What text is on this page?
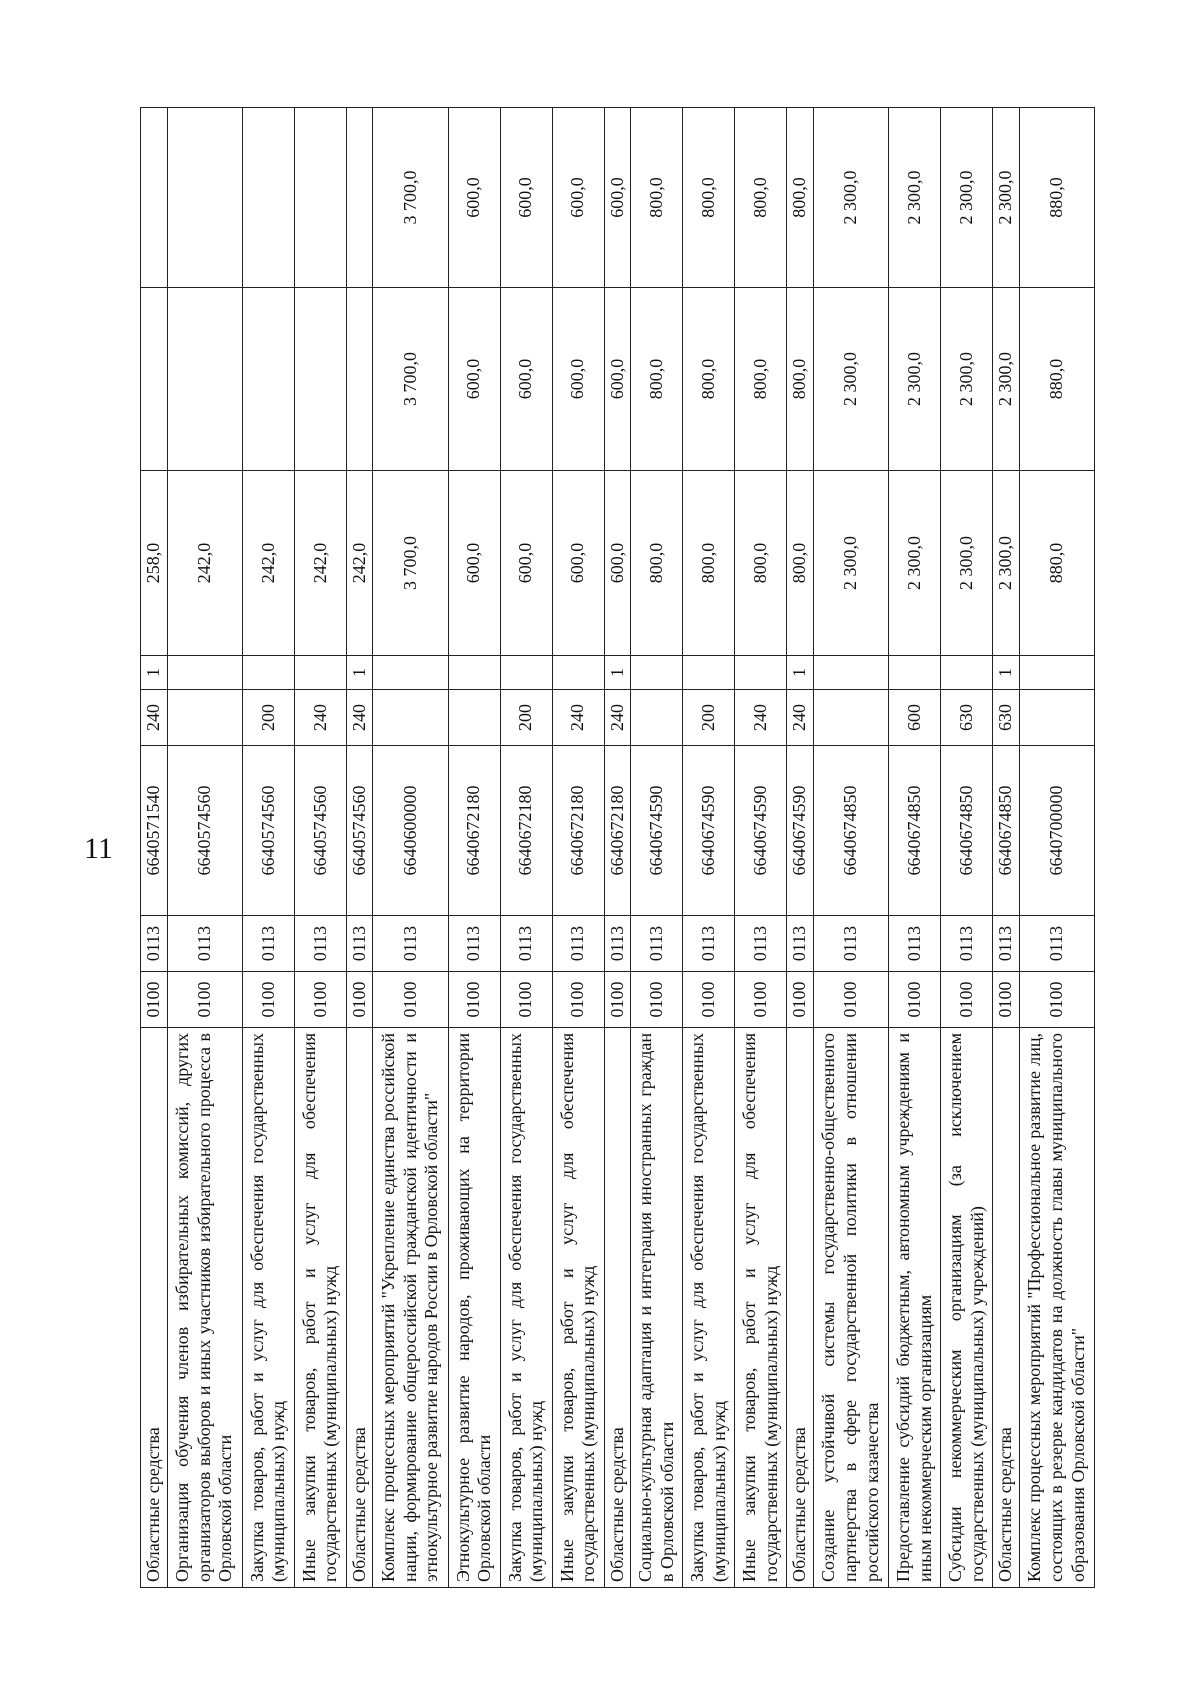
11
Областные средства	0100	0113	6640571540	240	1	258,0		
Организация обучения членов избирательных комиссий, других организаторов выборов и иных участников избирательного процесса в Орловской области	0100	0113	6640574560			242,0		
Закупка товаров, работ и услуг для обеспечения государственных (муниципальных) нужд	0100	0113	6640574560	200		242,0		
Иные закупки товаров, работ и услуг для обеспечения государственных (муниципальных) нужд	0100	0113	6640574560	240		242,0		
Областные средства	0100	0113	6640574560	240	1	242,0		
Комплекс процессных мероприятий "Укрепление единства российской нации, формирование общероссийской гражданской идентичности и этнокультурное развитие народов России в Орловской области"	0100	0113	6640600000			3 700,0	3 700,0	3 700,0
Этнокультурное развитие народов, проживающих на территории Орловской области	0100	0113	6640672180			600,0	600,0	600,0
Закупка товаров, работ и услуг для обеспечения государственных (муниципальных) нужд	0100	0113	6640672180	200		600,0	600,0	600,0
Иные закупки товаров, работ и услуг для обеспечения государственных (муниципальных) нужд	0100	0113	6640672180	240		600,0	600,0	600,0
Областные средства	0100	0113	6640672180	240	1	600,0	600,0	600,0
Социально-культурная адаптация и интеграция иностранных граждан в Орловской области	0100	0113	6640674590			800,0	800,0	800,0
Закупка товаров, работ и услуг для обеспечения государственных (муниципальных) нужд	0100	0113	6640674590	200		800,0	800,0	800,0
Иные закупки товаров, работ и услуг для обеспечения государственных (муниципальных) нужд	0100	0113	6640674590	240		800,0	800,0	800,0
Областные средства	0100	0113	6640674590	240	1	800,0	800,0	800,0
Создание устойчивой системы государственно-общественного партнерства в сфере государственной политики в отношении российского казачества	0100	0113	6640674850			2 300,0	2 300,0	2 300,0
Предоставление субсидий бюджетным, автономным учреждениям и иным некоммерческим организациям	0100	0113	6640674850	600		2 300,0	2 300,0	2 300,0
Субсидии некоммерческим организациям (за исключением государственных (муниципальных) учреждений)	0100	0113	6640674850	630		2 300,0	2 300,0	2 300,0
Областные средства	0100	0113	6640674850	630	1	2 300,0	2 300,0	2 300,0
Комплекс процессных мероприятий "Профессиональное развитие лиц, состоящих в резерве кандидатов на должность главы муниципального образования Орловской области"	0100	0113	6640700000			880,0	880,0	880,0
